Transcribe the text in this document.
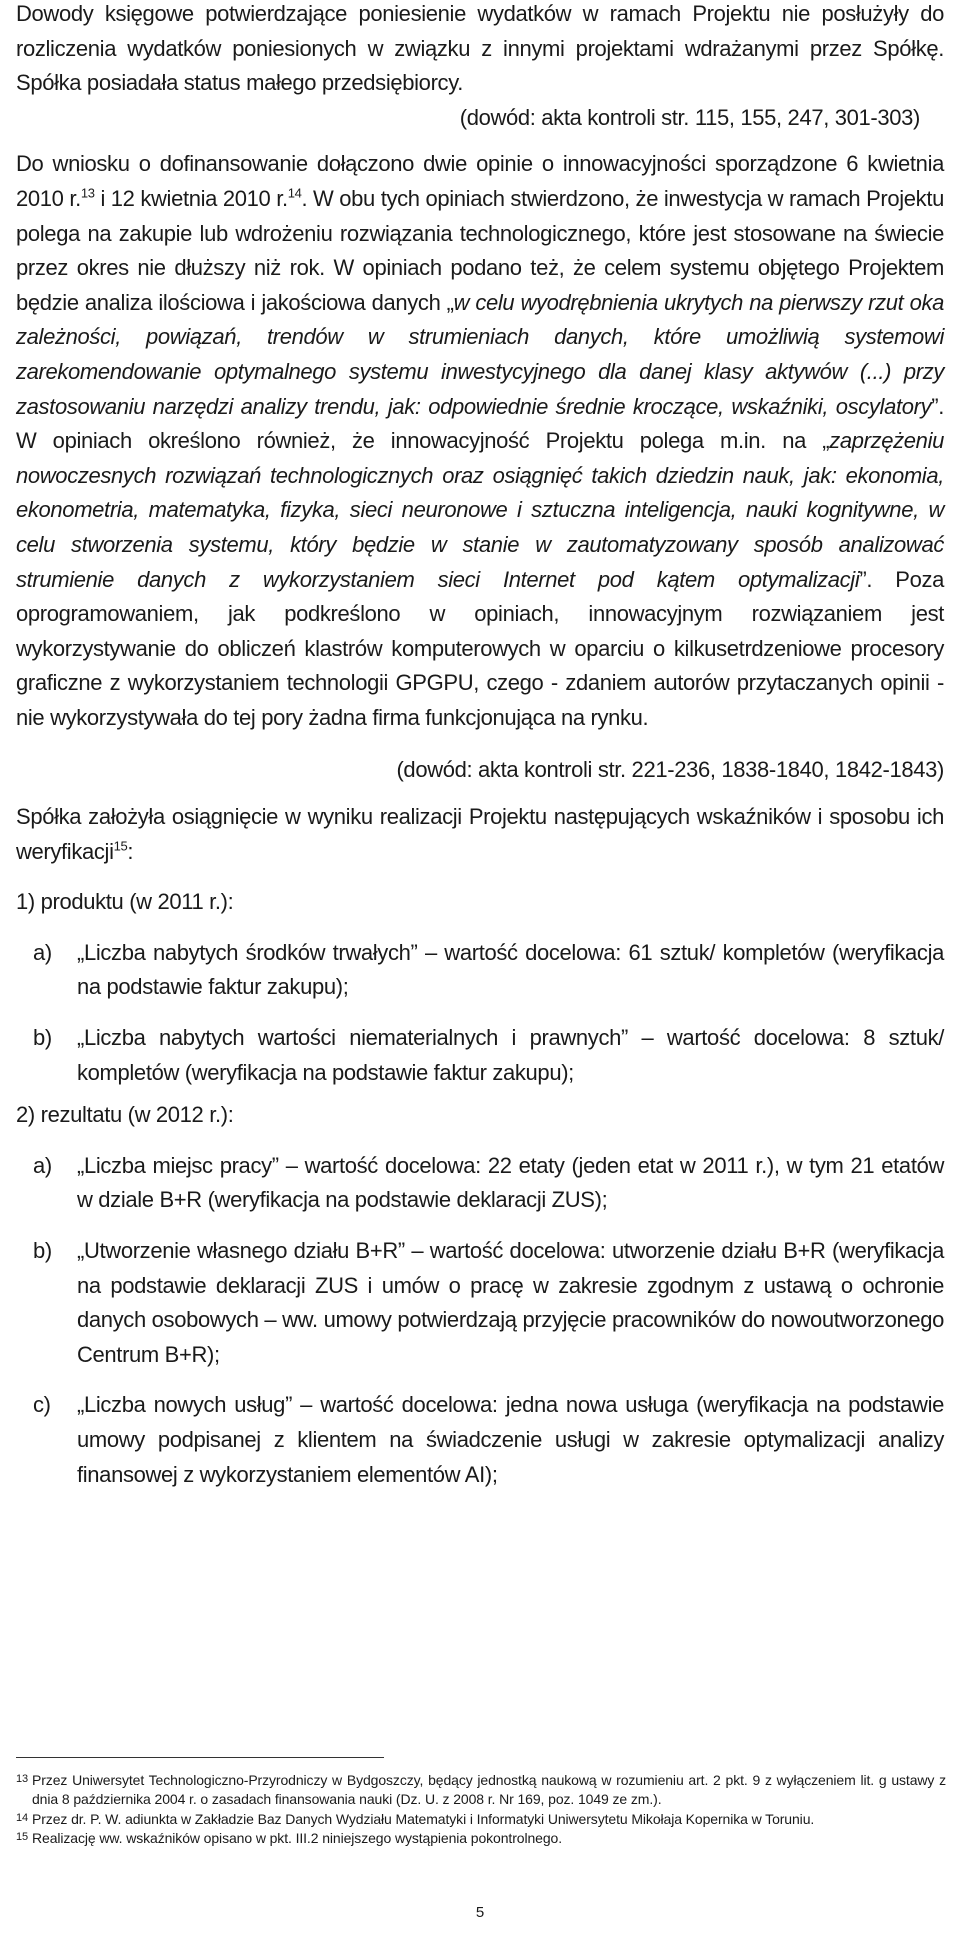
Dowody księgowe potwierdzające poniesienie wydatków w ramach Projektu nie posłużyły do rozliczenia wydatków poniesionych w związku z innymi projektami wdrażanymi przez Spółkę. Spółka posiadała status małego przedsiębiorcy.

(dowód: akta kontroli str. 115, 155, 247, 301-303)

Do wniosku o dofinansowanie dołączono dwie opinie o innowacyjności sporządzone 6 kwietnia 2010 r.$^{13}$ i 12 kwietnia 2010 r.$^{14}$. W obu tych opiniach stwierdzono, że inwestycja w ramach Projektu polega na zakupie lub wdrożeniu rozwiązania technologicznego, które jest stosowane na świecie przez okres nie dłuższy niż rok. W opiniach podano też, że celem systemu objętego Projektem będzie analiza ilościowa i jakościowa danych „w celu wyodrębnienia ukrytych na pierwszy rzut oka zależności, powiązań, trendów w strumieniach danych, które umożliwią systemowi zarekomendowanie optymalnego systemu inwestycyjnego dla danej klasy aktywów (...) przy zastosowaniu narzędzi analizy trendu, jak: odpowiednie średnie kroczące, wskaźniki, oscylatory”. W opiniach określono również, że innowacyjność Projektu polega m.in. na „zaprzężeniu nowoczesnych rozwiązań technologicznych oraz osiągnięć takich dziedzin nauk, jak: ekonomia, ekonometria, matematyka, fizyka, sieci neuronowe i sztuczna inteligencja, nauki kognitywne, w celu stworzenia systemu, który będzie w stanie w zautomatyzowany sposób analizować strumienie danych z wykorzystaniem sieci Internet pod kątem optymalizacji”. Poza oprogramowaniem, jak podkreślono w opiniach, innowacyjnym rozwiązaniem jest wykorzystywanie do obliczeń klastrów komputerowych w oparciu o kilkusetrdzeniowe procesory graficzne z wykorzystaniem technologii GPGPU, czego - zdaniem autorów przytaczanych opinii - nie wykorzystywała do tej pory żadna firma funkcjonująca na rynku.

(dowód: akta kontroli str. 221-236, 1838-1840, 1842-1843)

Spółka założyła osiągnięcie w wyniku realizacji Projektu następujących wskaźników i sposobu ich weryfikacji$^{15}$:

1) produktu (w 2011 r.):

a)	„Liczba nabytych środków trwałych” – wartość docelowa: 61 sztuk/ kompletów (weryfikacja na podstawie faktur zakupu);
b)	„Liczba nabytych wartości niematerialnych i prawnych” – wartość docelowa: 8 sztuk/ kompletów (weryfikacja na podstawie faktur zakupu);

2) rezultatu (w 2012 r.):

a)	„Liczba miejsc pracy” – wartość docelowa: 22 etaty (jeden etat w 2011 r.), w tym 21 etatów w dziale B+R (weryfikacja na podstawie deklaracji ZUS);
b)	„Utworzenie własnego działu B+R” – wartość docelowa: utworzenie działu B+R (weryfikacja na podstawie deklaracji ZUS i umów o pracę w zakresie zgodnym z ustawą o ochronie danych osobowych – ww. umowy potwierdzają przyjęcie pracowników do nowoutworzonego Centrum B+R);
c)	„Liczba nowych usług” – wartość docelowa: jedna nowa usługa (weryfikacja na podstawie umowy podpisanej z klientem na świadczenie usługi w zakresie optymalizacji analizy finansowej z wykorzystaniem elementów AI);
13 Przez Uniwersytet Technologiczno-Przyrodniczy w Bydgoszczy, będący jednostką naukową w rozumieniu art. 2 pkt. 9 z wyłączeniem lit. g ustawy z dnia 8 października 2004 r. o zasadach finansowania nauki (Dz. U. z 2008 r. Nr 169, poz. 1049 ze zm.).
14 Przez dr. P. W. adiunkta w Zakładzie Baz Danych Wydziału Matematyki i Informatyki Uniwersytetu Mikołaja Kopernika w Toruniu.
15 Realizację ww. wskaźników opisano w pkt. III.2 niniejszego wystąpienia pokontrolnego.
5
